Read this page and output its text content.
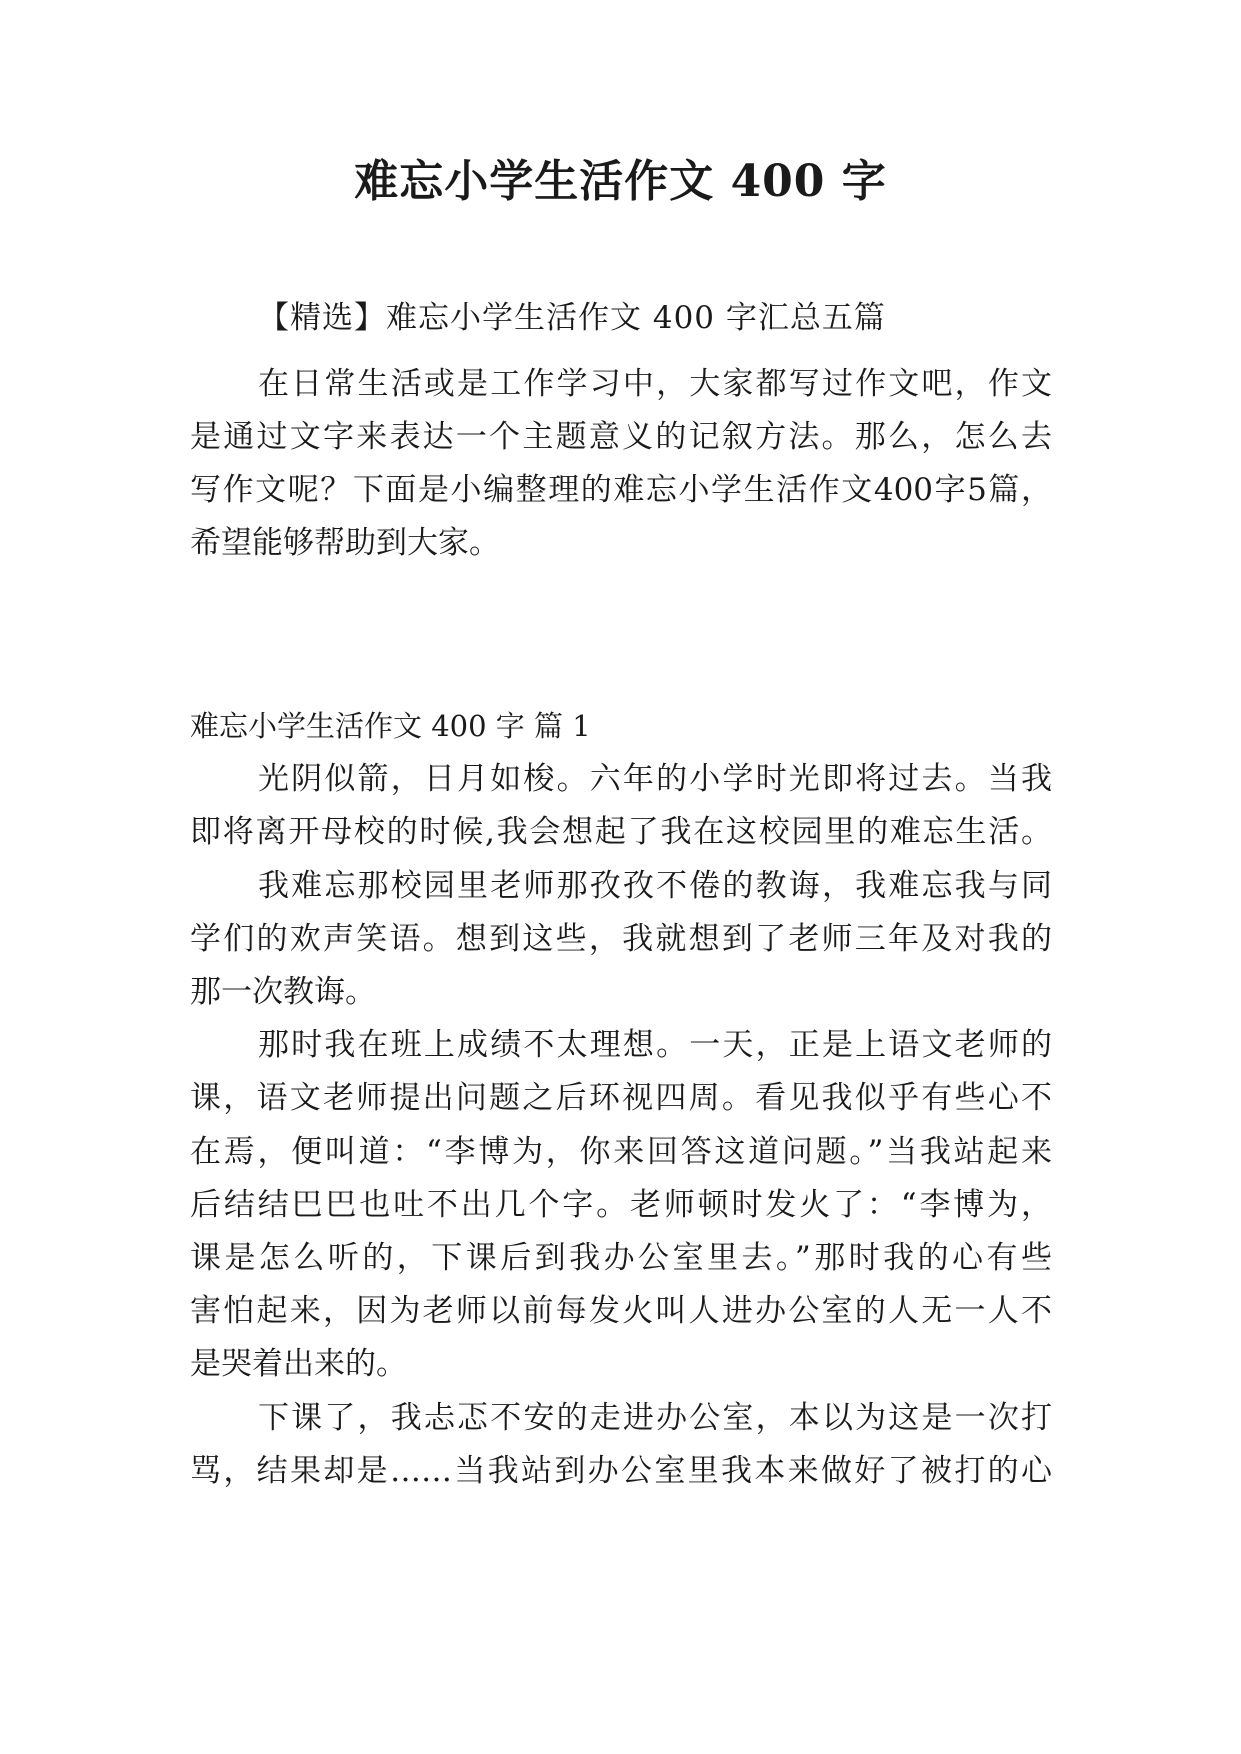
难忘小学生活作文 400 字

【精选】难忘小学生活作文 400 字汇总五篇

在日常生活或是工作学习中，大家都写过作文吧，作文

是通过文字来表达一个主题意义的记叙方法。那么，怎么去

写作文呢？下面是小编整理的难忘小学生活作文400字5篇，

希望能够帮助到大家。

难忘小学生活作文 400 字 篇 1

光阴似箭，日月如梭。六年的小学时光即将过去。当我

即将离开母校的时候,我会想起了我在这校园里的难忘生活。

我难忘那校园里老师那孜孜不倦的教诲，我难忘我与同

学们的欢声笑语。想到这些，我就想到了老师三年及对我的

那一次教诲。

那时我在班上成绩不太理想。一天，正是上语文老师的

课，语文老师提出问题之后环视四周。看见我似乎有些心不

在焉，便叫道：“李博为，你来回答这道问题。”当我站起来

后结结巴巴也吐不出几个字。老师顿时发火了：“李博为，

课是怎么听的，下课后到我办公室里去。”那时我的心有些

害怕起来，因为老师以前每发火叫人进办公室的人无一人不

是哭着出来的。

下课了，我忐忑不安的走进办公室，本以为这是一次打

骂，结果却是……当我站到办公室里我本来做好了被打的心
